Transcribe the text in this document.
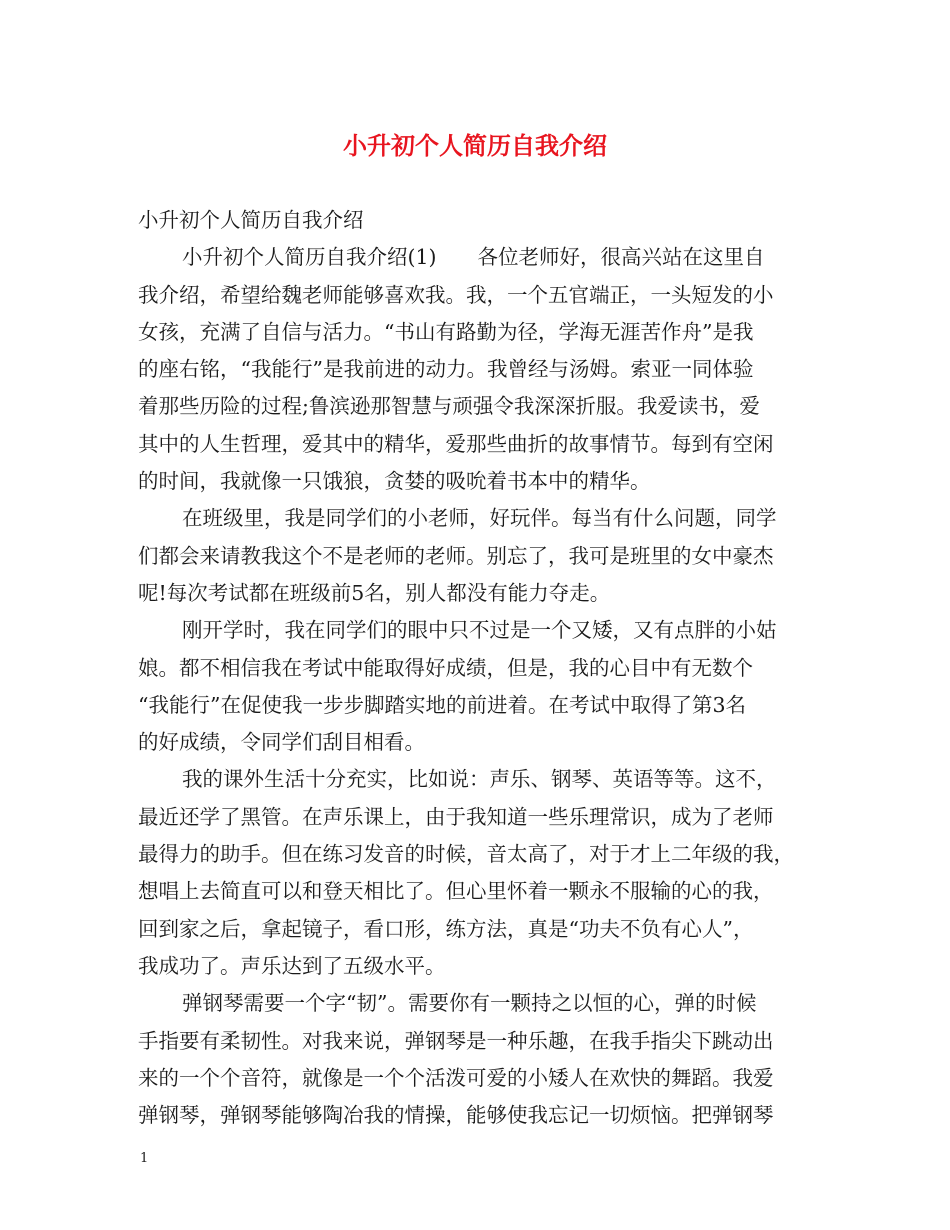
小升初个人简历自我介绍
小升初个人简历自我介绍
小升初个人简历自我介绍(1)　　各位老师好，很高兴站在这里自
我介绍，希望给魏老师能够喜欢我。我，一个五官端正，一头短发的小
女孩，充满了自信与活力。“书山有路勤为径，学海无涯苦作舟”是我
的座右铭，“我能行”是我前进的动力。我曾经与汤姆。索亚一同体验
着那些历险的过程;鲁滨逊那智慧与顽强令我深深折服。我爱读书，爱
其中的人生哲理，爱其中的精华，爱那些曲折的故事情节。每到有空闲
的时间，我就像一只饿狼，贪婪的吸吮着书本中的精华。
在班级里，我是同学们的小老师，好玩伴。每当有什么问题，同学
们都会来请教我这个不是老师的老师。别忘了，我可是班里的女中豪杰
呢!每次考试都在班级前5名，别人都没有能力夺走。
刚开学时，我在同学们的眼中只不过是一个又矮，又有点胖的小姑
娘。都不相信我在考试中能取得好成绩，但是，我的心目中有无数个
“我能行”在促使我一步步脚踏实地的前进着。在考试中取得了第3名
的好成绩，令同学们刮目相看。
我的课外生活十分充实，比如说：声乐、钢琴、英语等等。这不，
最近还学了黑管。在声乐课上，由于我知道一些乐理常识，成为了老师
最得力的助手。但在练习发音的时候，音太高了，对于才上二年级的我，
想唱上去简直可以和登天相比了。但心里怀着一颗永不服输的心的我，
回到家之后，拿起镜子，看口形，练方法，真是“功夫不负有心人”，
我成功了。声乐达到了五级水平。
弹钢琴需要一个字“韧”。需要你有一颗持之以恒的心，弹的时候
手指要有柔韧性。对我来说，弹钢琴是一种乐趣，在我手指尖下跳动出
来的一个个音符，就像是一个个活泼可爱的小矮人在欢快的舞蹈。我爱
弹钢琴，弹钢琴能够陶冶我的情操，能够使我忘记一切烦恼。把弹钢琴
1
